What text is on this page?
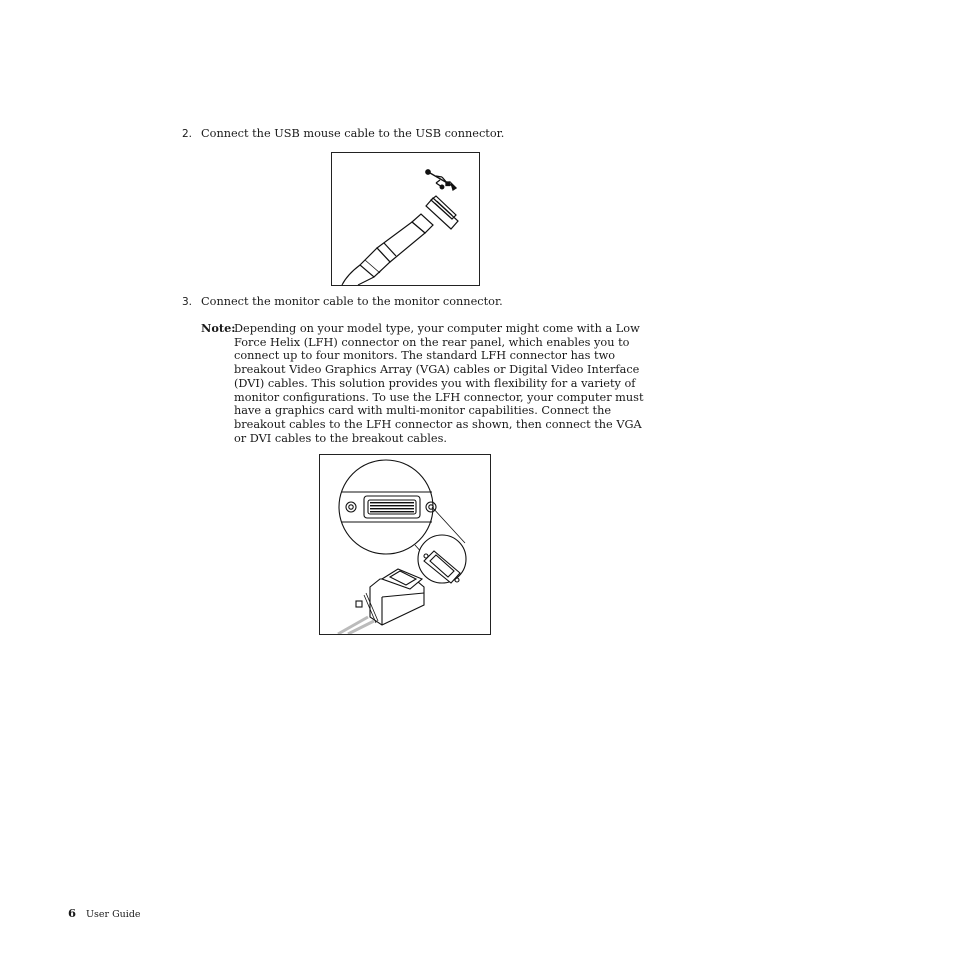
2. Connect the USB mouse cable to the USB connector.
3. Connect the monitor cable to the monitor connector.
Note:
Depending on your model type, your computer might come with a Low
Force Helix (LFH) connector on the rear panel, which enables you to
connect up to four monitors. The standard LFH connector has two
breakout Video Graphics Array (VGA) cables or Digital Video Interface
(DVI) cables. This solution provides you with flexibility for a variety of
monitor configurations. To use the LFH connector, your computer must
have a graphics card with multi-monitor capabilities. Connect the
breakout cables to the LFH connector as shown, then connect the VGA
or DVI cables to the breakout cables.
6 User Guide
